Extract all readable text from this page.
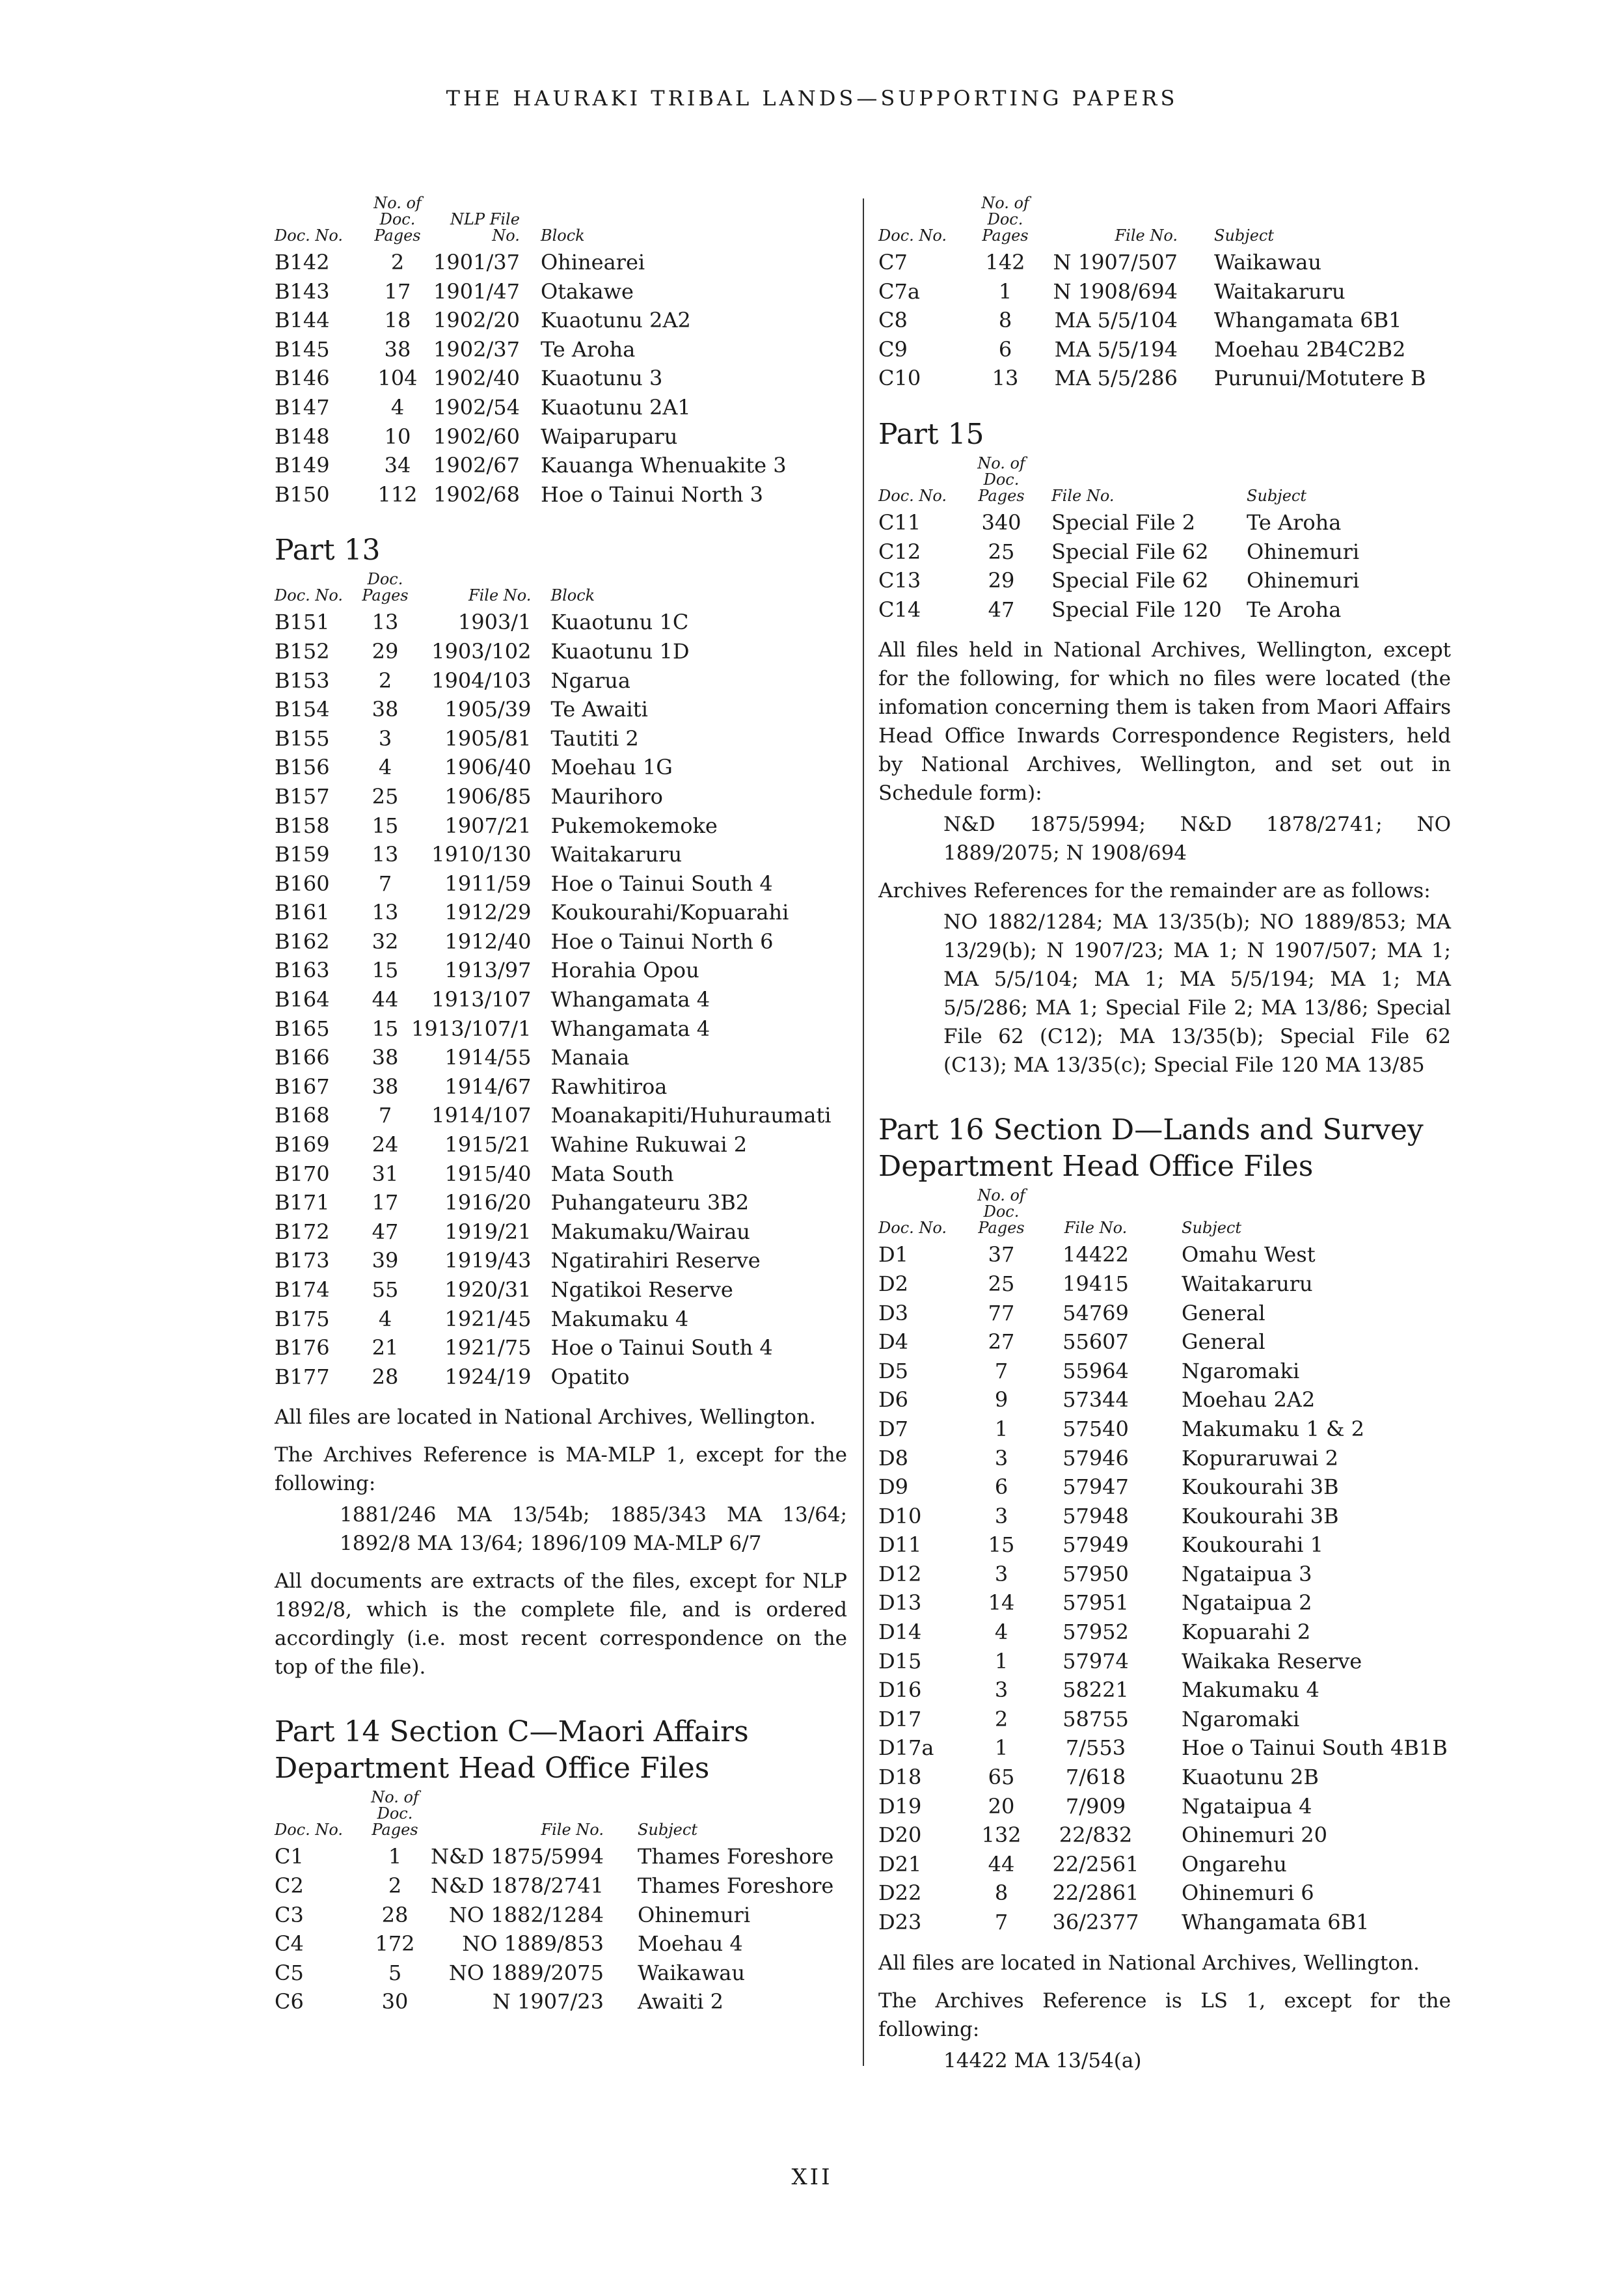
THE HAURAKI TRIBAL LANDS—SUPPORTING PAPERS
Doc. No.	No. of Doc. Pages	NLP File No.	Block
B142	2	1901/37	Ohinearei
B143	17	1901/47	Otakawe
B144	18	1902/20	Kuaotunu 2A2
B145	38	1902/37	Te Aroha
B146	104	1902/40	Kuaotunu 3
B147	4	1902/54	Kuaotunu 2A1
B148	10	1902/60	Waiparuparu
B149	34	1902/67	Kauanga Whenuakite 3
B150	112	1902/68	Hoe o Tainui North 3
Part 13
Doc. No.	Doc. Pages	File No.	Block
B151	13	1903/1	Kuaotunu 1C
B152	29	1903/102	Kuaotunu 1D
B153	2	1904/103	Ngarua
B154	38	1905/39	Te Awaiti
B155	3	1905/81	Tautiti 2
B156	4	1906/40	Moehau 1G
B157	25	1906/85	Maurihoro
B158	15	1907/21	Pukemokemoke
B159	13	1910/130	Waitakaruru
B160	7	1911/59	Hoe o Tainui South 4
B161	13	1912/29	Koukourahi/Kopuarahi
B162	32	1912/40	Hoe o Tainui North 6
B163	15	1913/97	Horahia Opou
B164	44	1913/107	Whangamata 4
B165	15	1913/107/1	Whangamata 4
B166	38	1914/55	Manaia
B167	38	1914/67	Rawhitiroa
B168	7	1914/107	Moanakapiti/Huhuraumati
B169	24	1915/21	Wahine Rukuwai 2
B170	31	1915/40	Mata South
B171	17	1916/20	Puhangateuru 3B2
B172	47	1919/21	Makumaku/Wairau
B173	39	1919/43	Ngatirahiri Reserve
B174	55	1920/31	Ngatikoi Reserve
B175	4	1921/45	Makumaku 4
B176	21	1921/75	Hoe o Tainui South 4
B177	28	1924/19	Opatito

All files are located in National Archives, Wellington.

The Archives Reference is MA-MLP 1, except for the following:

1881/246 MA 13/54b; 1885/343 MA 13/64; 1892/8 MA 13/64; 1896/109 MA-MLP 6/7

All documents are extracts of the files, except for NLP 1892/8, which is the complete file, and is ordered accordingly (i.e. most recent correspondence on the top of the file).

Part 14 Section C—Maori Affairs
Department Head Office Files
Doc. No.	No. of Doc. Pages	File No.	Subject
C1	1	N&D 1875/5994	Thames Foreshore
C2	2	N&D 1878/2741	Thames Foreshore
C3	28	NO 1882/1284	Ohinemuri
C4	172	NO 1889/853	Moehau 4
C5	5	NO 1889/2075	Waikawau
C6	30	N 1907/23	Awaiti 2
Doc. No.	No. of Doc. Pages	File No.	Subject
C7	142	N 1907/507	Waikawau
C7a	1	N 1908/694	Waitakaruru
C8	8	MA 5/5/104	Whangamata 6B1
C9	6	MA 5/5/194	Moehau 2B4C2B2
C10	13	MA 5/5/286	Purunui/Motutere B
Part 15
Doc. No.	No. of Doc. Pages	File No.	Subject
C11	340	Special File 2	Te Aroha
C12	25	Special File 62	Ohinemuri
C13	29	Special File 62	Ohinemuri
C14	47	Special File 120	Te Aroha

All files held in National Archives, Wellington, except for the following, for which no files were located (the infomation concerning them is taken from Maori Affairs Head Office Inwards Correspondence Registers, held by National Archives, Wellington, and set out in Schedule form):

N&D 1875/5994; N&D 1878/2741; NO 1889/2075; N 1908/694

Archives References for the remainder are as follows:

NO 1882/1284; MA 13/35(b); NO 1889/853; MA 13/29(b); N 1907/23; MA 1; N 1907/507; MA 1; MA 5/5/104; MA 1; MA 5/5/194; MA 1; MA 5/5/286; MA 1; Special File 2; MA 13/86; Special File 62 (C12); MA 13/35(b); Special File 62 (C13); MA 13/35(c); Special File 120 MA 13/85

Part 16 Section D—Lands and Survey
Department Head Office Files
Doc. No.	No. of Doc. Pages	File No.	Subject
D1	37	14422	Omahu West
D2	25	19415	Waitakaruru
D3	77	54769	General
D4	27	55607	General
D5	7	55964	Ngaromaki
D6	9	57344	Moehau 2A2
D7	1	57540	Makumaku 1 & 2
D8	3	57946	Kopuraruwai 2
D9	6	57947	Koukourahi 3B
D10	3	57948	Koukourahi 3B
D11	15	57949	Koukourahi 1
D12	3	57950	Ngataipua 3
D13	14	57951	Ngataipua 2
D14	4	57952	Kopuarahi 2
D15	1	57974	Waikaka Reserve
D16	3	58221	Makumaku 4
D17	2	58755	Ngaromaki
D17a	1	7/553	Hoe o Tainui South 4B1B
D18	65	7/618	Kuaotunu 2B
D19	20	7/909	Ngataipua 4
D20	132	22/832	Ohinemuri 20
D21	44	22/2561	Ongarehu
D22	8	22/2861	Ohinemuri 6
D23	7	36/2377	Whangamata 6B1

All files are located in National Archives, Wellington.

The Archives Reference is LS 1, except for the following:

14422 MA 13/54(a)

XII
